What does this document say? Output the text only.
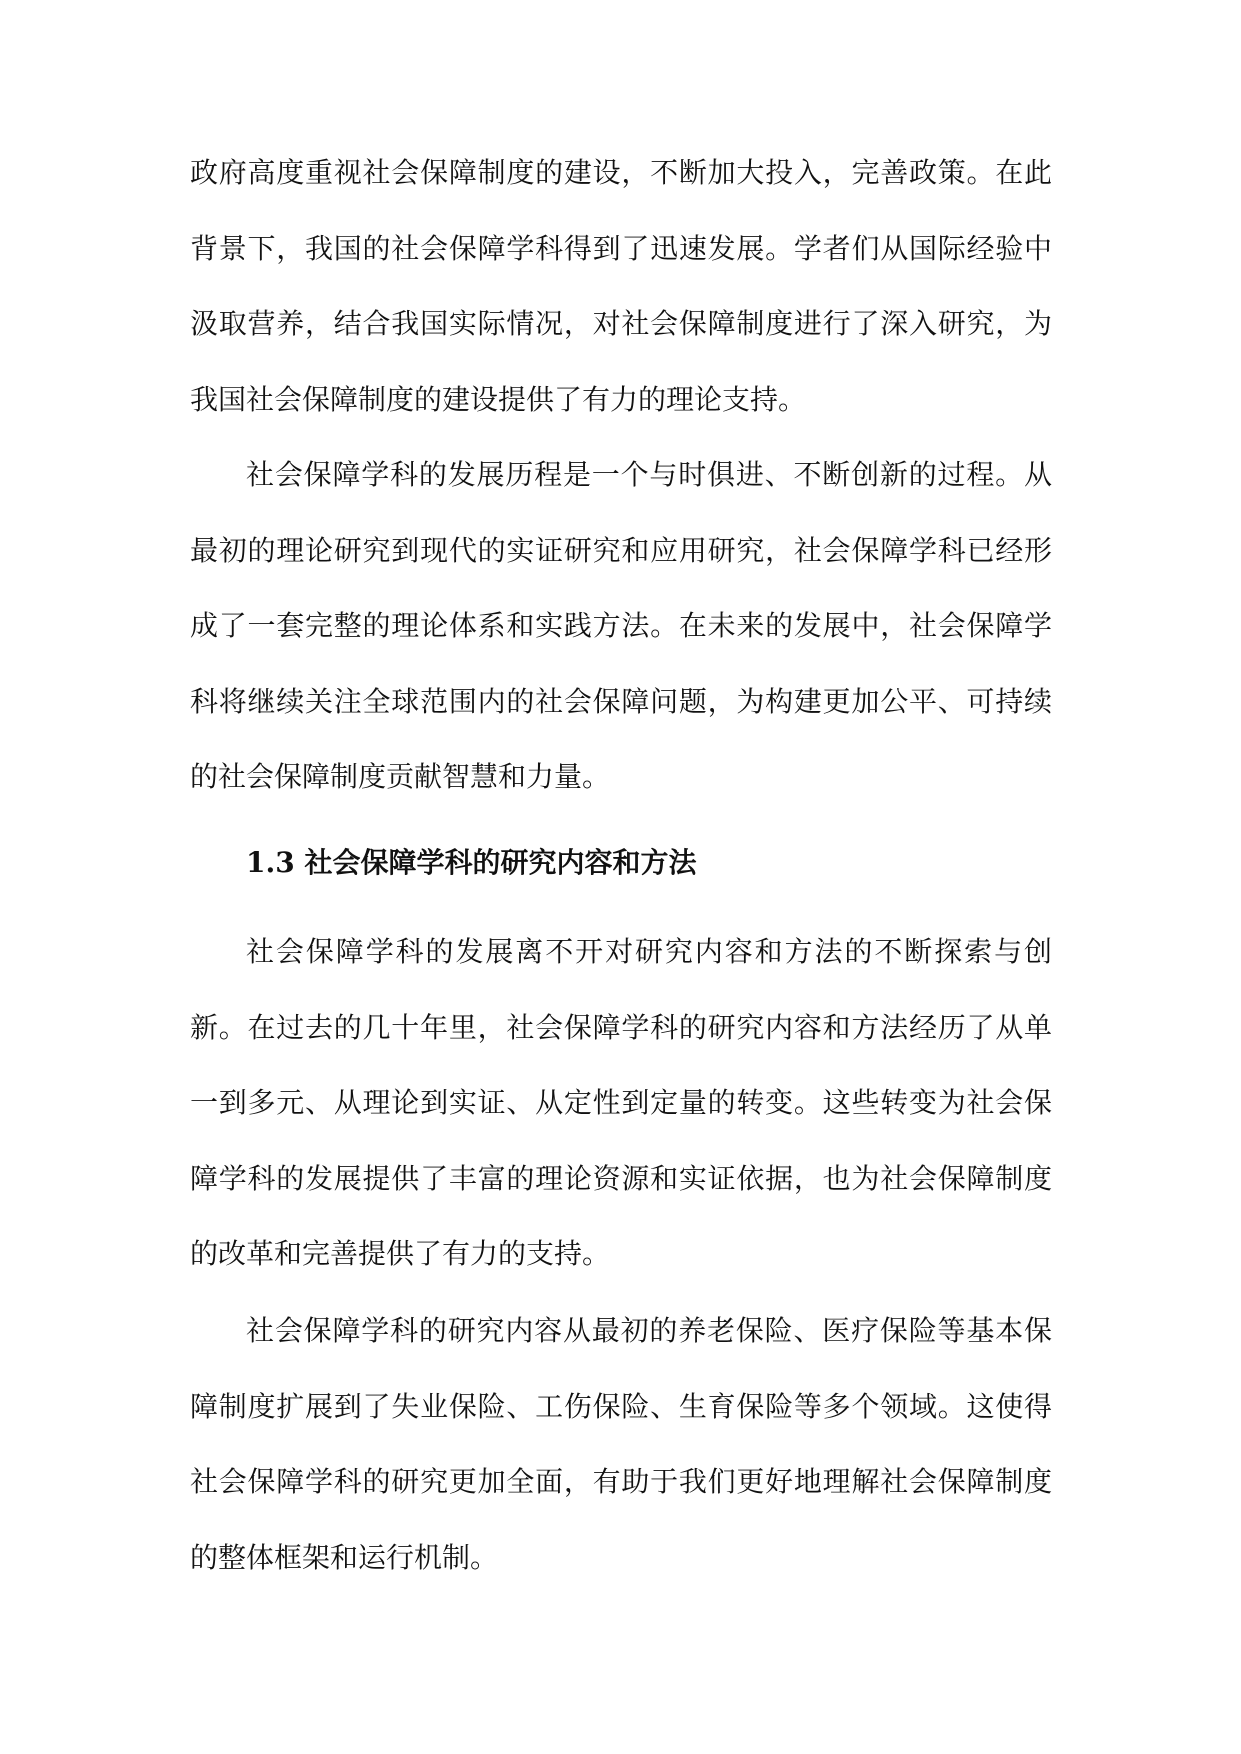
政府高度重视社会保障制度的建设，不断加大投入，完善政策。在此背景下，我国的社会保障学科得到了迅速发展。学者们从国际经验中汲取营养，结合我国实际情况，对社会保障制度进行了深入研究，为我国社会保障制度的建设提供了有力的理论支持。

社会保障学科的发展历程是一个与时俱进、不断创新的过程。从最初的理论研究到现代的实证研究和应用研究，社会保障学科已经形成了一套完整的理论体系和实践方法。在未来的发展中，社会保障学科将继续关注全球范围内的社会保障问题，为构建更加公平、可持续的社会保障制度贡献智慧和力量。

1.3 社会保障学科的研究内容和方法

社会保障学科的发展离不开对研究内容和方法的不断探索与创新。在过去的几十年里，社会保障学科的研究内容和方法经历了从单一到多元、从理论到实证、从定性到定量的转变。这些转变为社会保障学科的发展提供了丰富的理论资源和实证依据，也为社会保障制度的改革和完善提供了有力的支持。

社会保障学科的研究内容从最初的养老保险、医疗保险等基本保障制度扩展到了失业保险、工伤保险、生育保险等多个领域。这使得社会保障学科的研究更加全面，有助于我们更好地理解社会保障制度的整体框架和运行机制。
